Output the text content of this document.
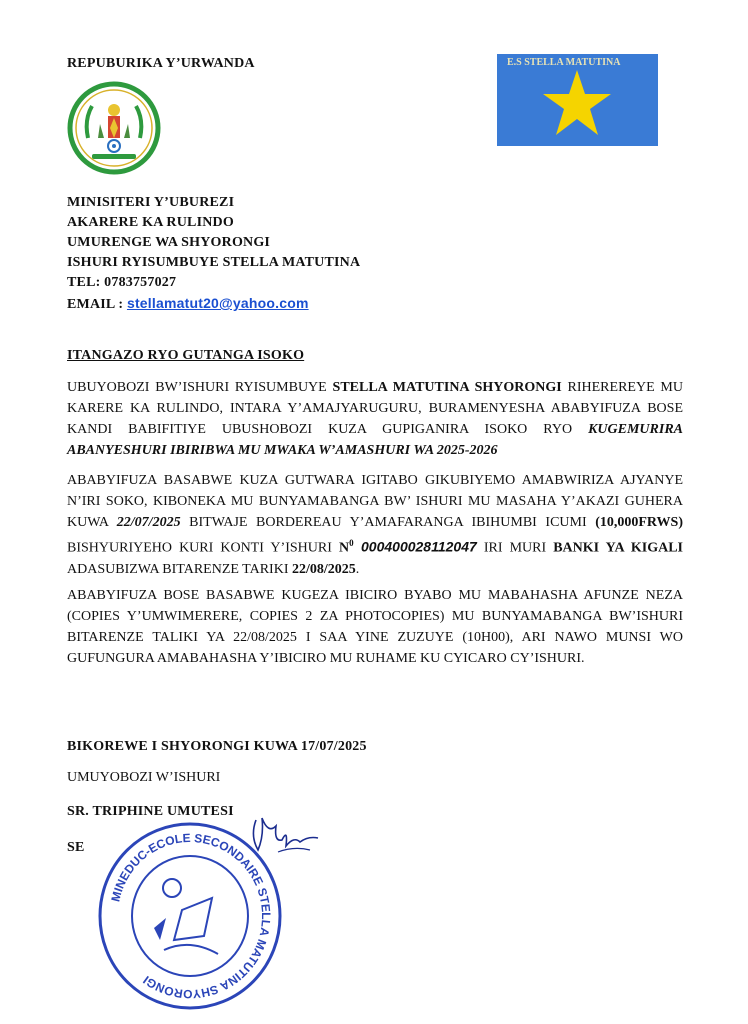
REPUBURIKA Y’URWANDA	E.S STELLA MATUTINA
MINISITERI Y’UBUREZI
AKARERE KA RULINDO
UMURENGE WA SHYORONGI
ISHURI RYISUMBUYE STELLA MATUTINA
TEL: 0783757027
EMAIL : stellamatut20@yahoo.com
ITANGAZO RYO GUTANGA ISOKO
UBUYOBOZI BW’ISHURI RYISUMBUYE STELLA MATUTINA SHYORONGI RIHEREREYE MU KARERE KA RULINDO, INTARA Y’AMAJYARUGURU, BURAMENYESHA ABABYIFUZA BOSE KANDI BABIFITIYE UBUSHOBOZI KUZA GUPIGANIRA ISOKO RYO KUGEMURIRA ABANYESHURI IBIRIBWA MU MWAKA W’AMASHURI WA 2025-2026
ABABYIFUZA BASABWE KUZA GUTWARA IGITABO GIKUBIYEMO AMABWIRIZA AJYANYE N’IRI SOKO, KIBONEKA MU BUNYAMABANGA BW’ ISHURI MU MASAHA Y’AKAZI GUHERA KUWA 22/07/2025 BITWAJE BORDEREAU Y’AMAFARANGA IBIHUMBI ICUMI (10,000FRWS) BISHYURIYEHO KURI KONTI Y’ISHURI $N^0$ 000400028112047 IRI MURI BANKI YA KIGALI ADASUBIZWA BITARENZE TARIKI 22/08/2025.
ABABYIFUZA BOSE BASABWE KUGEZA IBICIRO BYABO MU MABAHASHA AFUNZE NEZA (COPIES Y’UMWIMERERE, COPIES 2 ZA PHOTOCOPIES) MU BUNYAMABANGA BW’ISHURI BITARENZE TALIKI YA 22/08/2025 I SAA YINE ZUZUYE (10H00), ARI NAWO MUNSI WO GUFUNGURA AMABAHASHA Y’IBICIRO MU RUHAME KU CYICARO CY’ISHURI.
BIKOREWE I SHYORONGI KUWA 17/07/2025
UMUYOBOZI W’ISHURI
SR. TRIPHINE UMUTESI
SE
MINEDUC-ECOLE SECONDAIRE STELLA MATUTINA SHYORONGI
